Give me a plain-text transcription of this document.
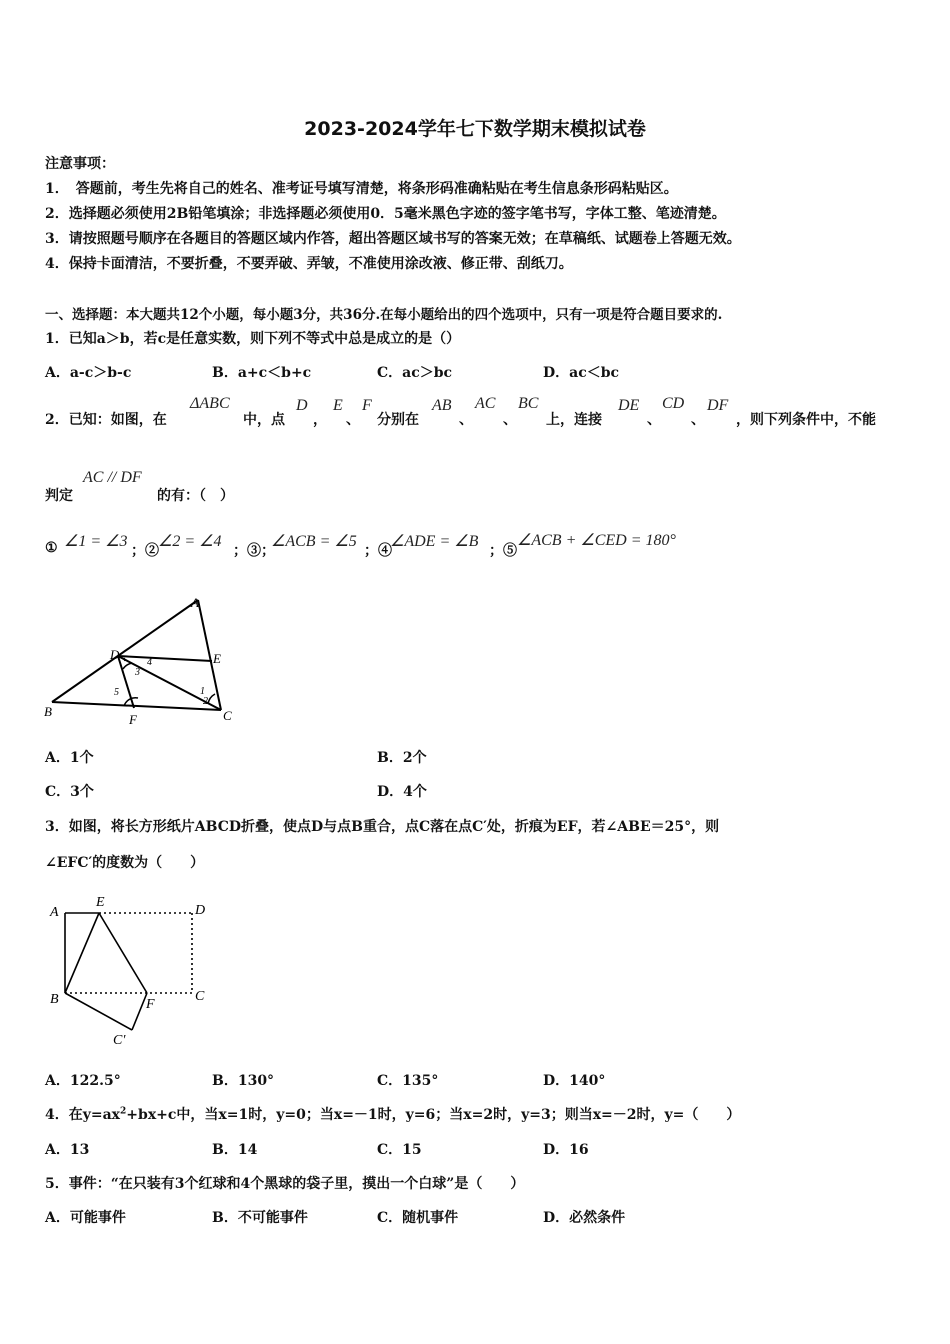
2023-2024学年七下数学期末模拟试卷
注意事项：
1．　答题前，考生先将自己的姓名、准考证号填写清楚，将条形码准确粘贴在考生信息条形码粘贴区。
2．选择题必须使用2B铅笔填涂；非选择题必须使用0．5毫米黑色字迹的签字笔书写，字体工整、笔迹清楚。
3．请按照题号顺序在各题目的答题区域内作答，超出答题区域书写的答案无效；在草稿纸、试题卷上答题无效。
4．保持卡面清洁，不要折叠，不要弄破、弄皱，不准使用涂改液、修正带、刮纸刀。
一、选择题：本大题共12个小题，每小题3分，共36分.在每小题给出的四个选项中，只有一项是符合题目要求的.
1．已知a＞b，若c是任意实数，则下列不等式中总是成立的是（）
A．a-c＞b-c	B．a+c＜b+c	C．ac＞bc	D．ac＜bc
2．已知：如图，在
ΔABC
中，点
D
，
E
、
F
分别在
AB
、
AC
、
BC
上，连接
DE
、
CD
、
DF
，则下列条件中，不能
判定
AC // DF
的有：（　）
① ∠1 = ∠3
；②
∠2 = ∠4
；③；
∠ACB = ∠5
；④
∠ADE = ∠B
；⑤
∠ACB + ∠CED = 180°
A
B	C
D	E
F
1
2
3
4
5
A．1个	B．2个
C．3个	D．4个
3．如图，将长方形纸片ABCD折叠，使点D与点B重合，点C落在点C′处，折痕为EF，若∠ABE＝25°，则
∠EFC′的度数为（　　）
A
E
D
B	F
C
C′
A．122.5°	B．130°	C．135°	D．140°
4．在$y=ax^2+bx+c$中，当x=1时，y=0；当x=－1时，y=6；当x=2时，y=3；则当x=－2时，y=（　　）
A．13	B．14	C．15	D．16
5．事件：“在只装有3个红球和4个黑球的袋子里，摸出一个白球”是（　　）
A．可能事件	B．不可能事件	C．随机事件	D．必然条件
